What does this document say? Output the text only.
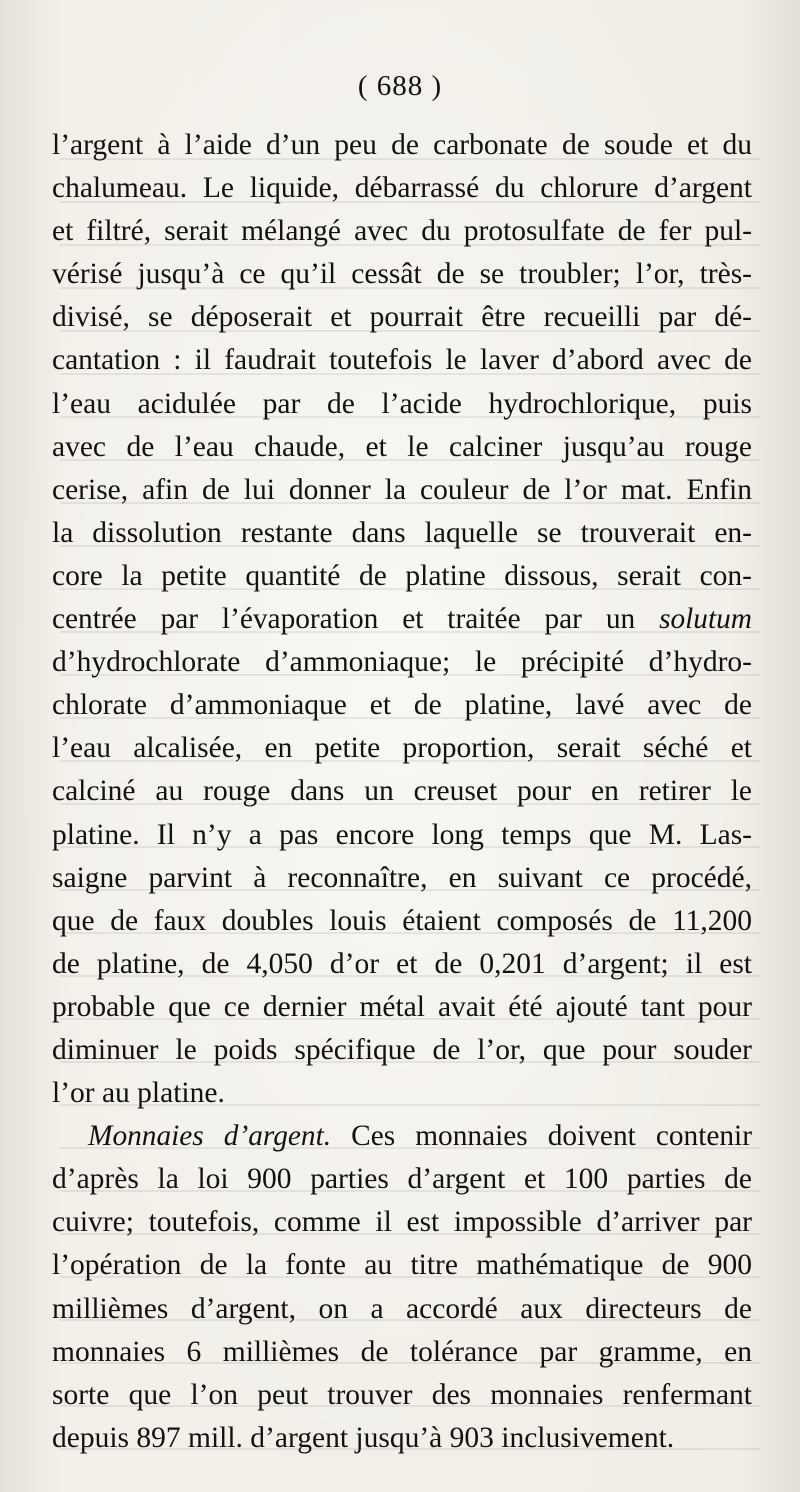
( 688 )
l’argent à l’aide d’un peu de carbonate de soude et du
chalumeau. Le liquide, débarrassé du chlorure d’argent
et filtré, serait mélangé avec du protosulfate de fer pul-
vérisé jusqu’à ce qu’il cessât de se troubler; l’or, très-
divisé, se déposerait et pourrait être recueilli par dé-
cantation : il faudrait toutefois le laver d’abord avec de
l’eau acidulée par de l’acide hydrochlorique, puis
avec de l’eau chaude, et le calciner jusqu’au rouge
cerise, afin de lui donner la couleur de l’or mat. Enfin
la dissolution restante dans laquelle se trouverait en-
core la petite quantité de platine dissous, serait con-
centrée par l’évaporation et traitée par un solutum
d’hydrochlorate d’ammoniaque; le précipité d’hydro-
chlorate d’ammoniaque et de platine, lavé avec de
l’eau alcalisée, en petite proportion, serait séché et
calciné au rouge dans un creuset pour en retirer le
platine. Il n’y a pas encore long temps que M. Las-
saigne parvint à reconnaître, en suivant ce procédé,
que de faux doubles louis étaient composés de 11,200
de platine, de 4,050 d’or et de 0,201 d’argent; il est
probable que ce dernier métal avait été ajouté tant pour
diminuer le poids spécifique de l’or, que pour souder
l’or au platine.
Monnaies d’argent. Ces monnaies doivent contenir
d’après la loi 900 parties d’argent et 100 parties de
cuivre; toutefois, comme il est impossible d’arriver par
l’opération de la fonte au titre mathématique de 900
millièmes d’argent, on a accordé aux directeurs de
monnaies 6 millièmes de tolérance par gramme, en
sorte que l’on peut trouver des monnaies renfermant
depuis 897 mill. d’argent jusqu’à 903 inclusivement.
